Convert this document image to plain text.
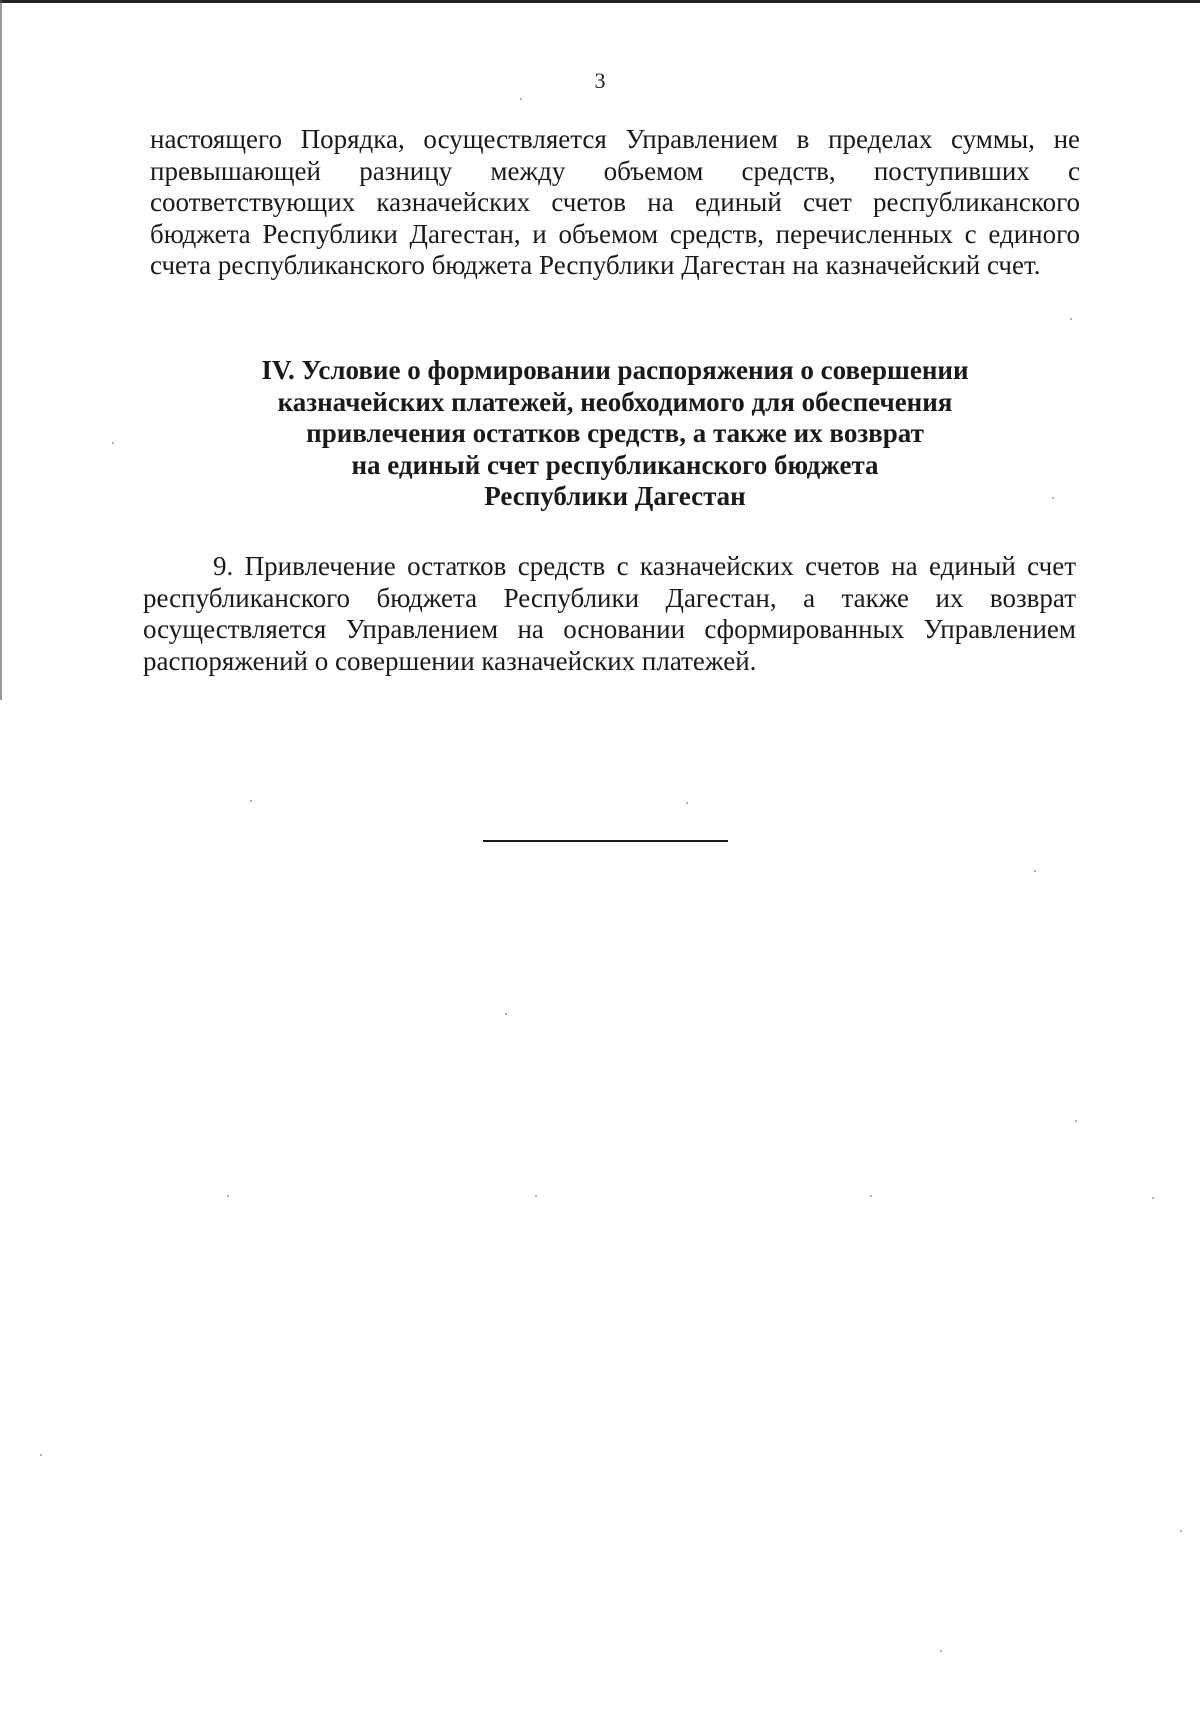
3

настоящего Порядка, осуществляется Управлением в пределах суммы, не превышающей разницу между объемом средств, поступивших с соответствующих казначейских счетов на единый счет республиканского бюджета Республики Дагестан, и объемом средств, перечисленных с единого счета республиканского бюджета Республики Дагестан на казначейский счет.

IV. Условие о формировании распоряжения о совершении
казначейских платежей, необходимого для обеспечения
привлечения остатков средств, а также их возврат
на единый счет республиканского бюджета
Республики Дагестан

9. Привлечение остатков средств с казначейских счетов на единый счет республиканского бюджета Республики Дагестан, а также их возврат осуществляется Управлением на основании сформированных Управлением распоряжений о совершении казначейских платежей.
